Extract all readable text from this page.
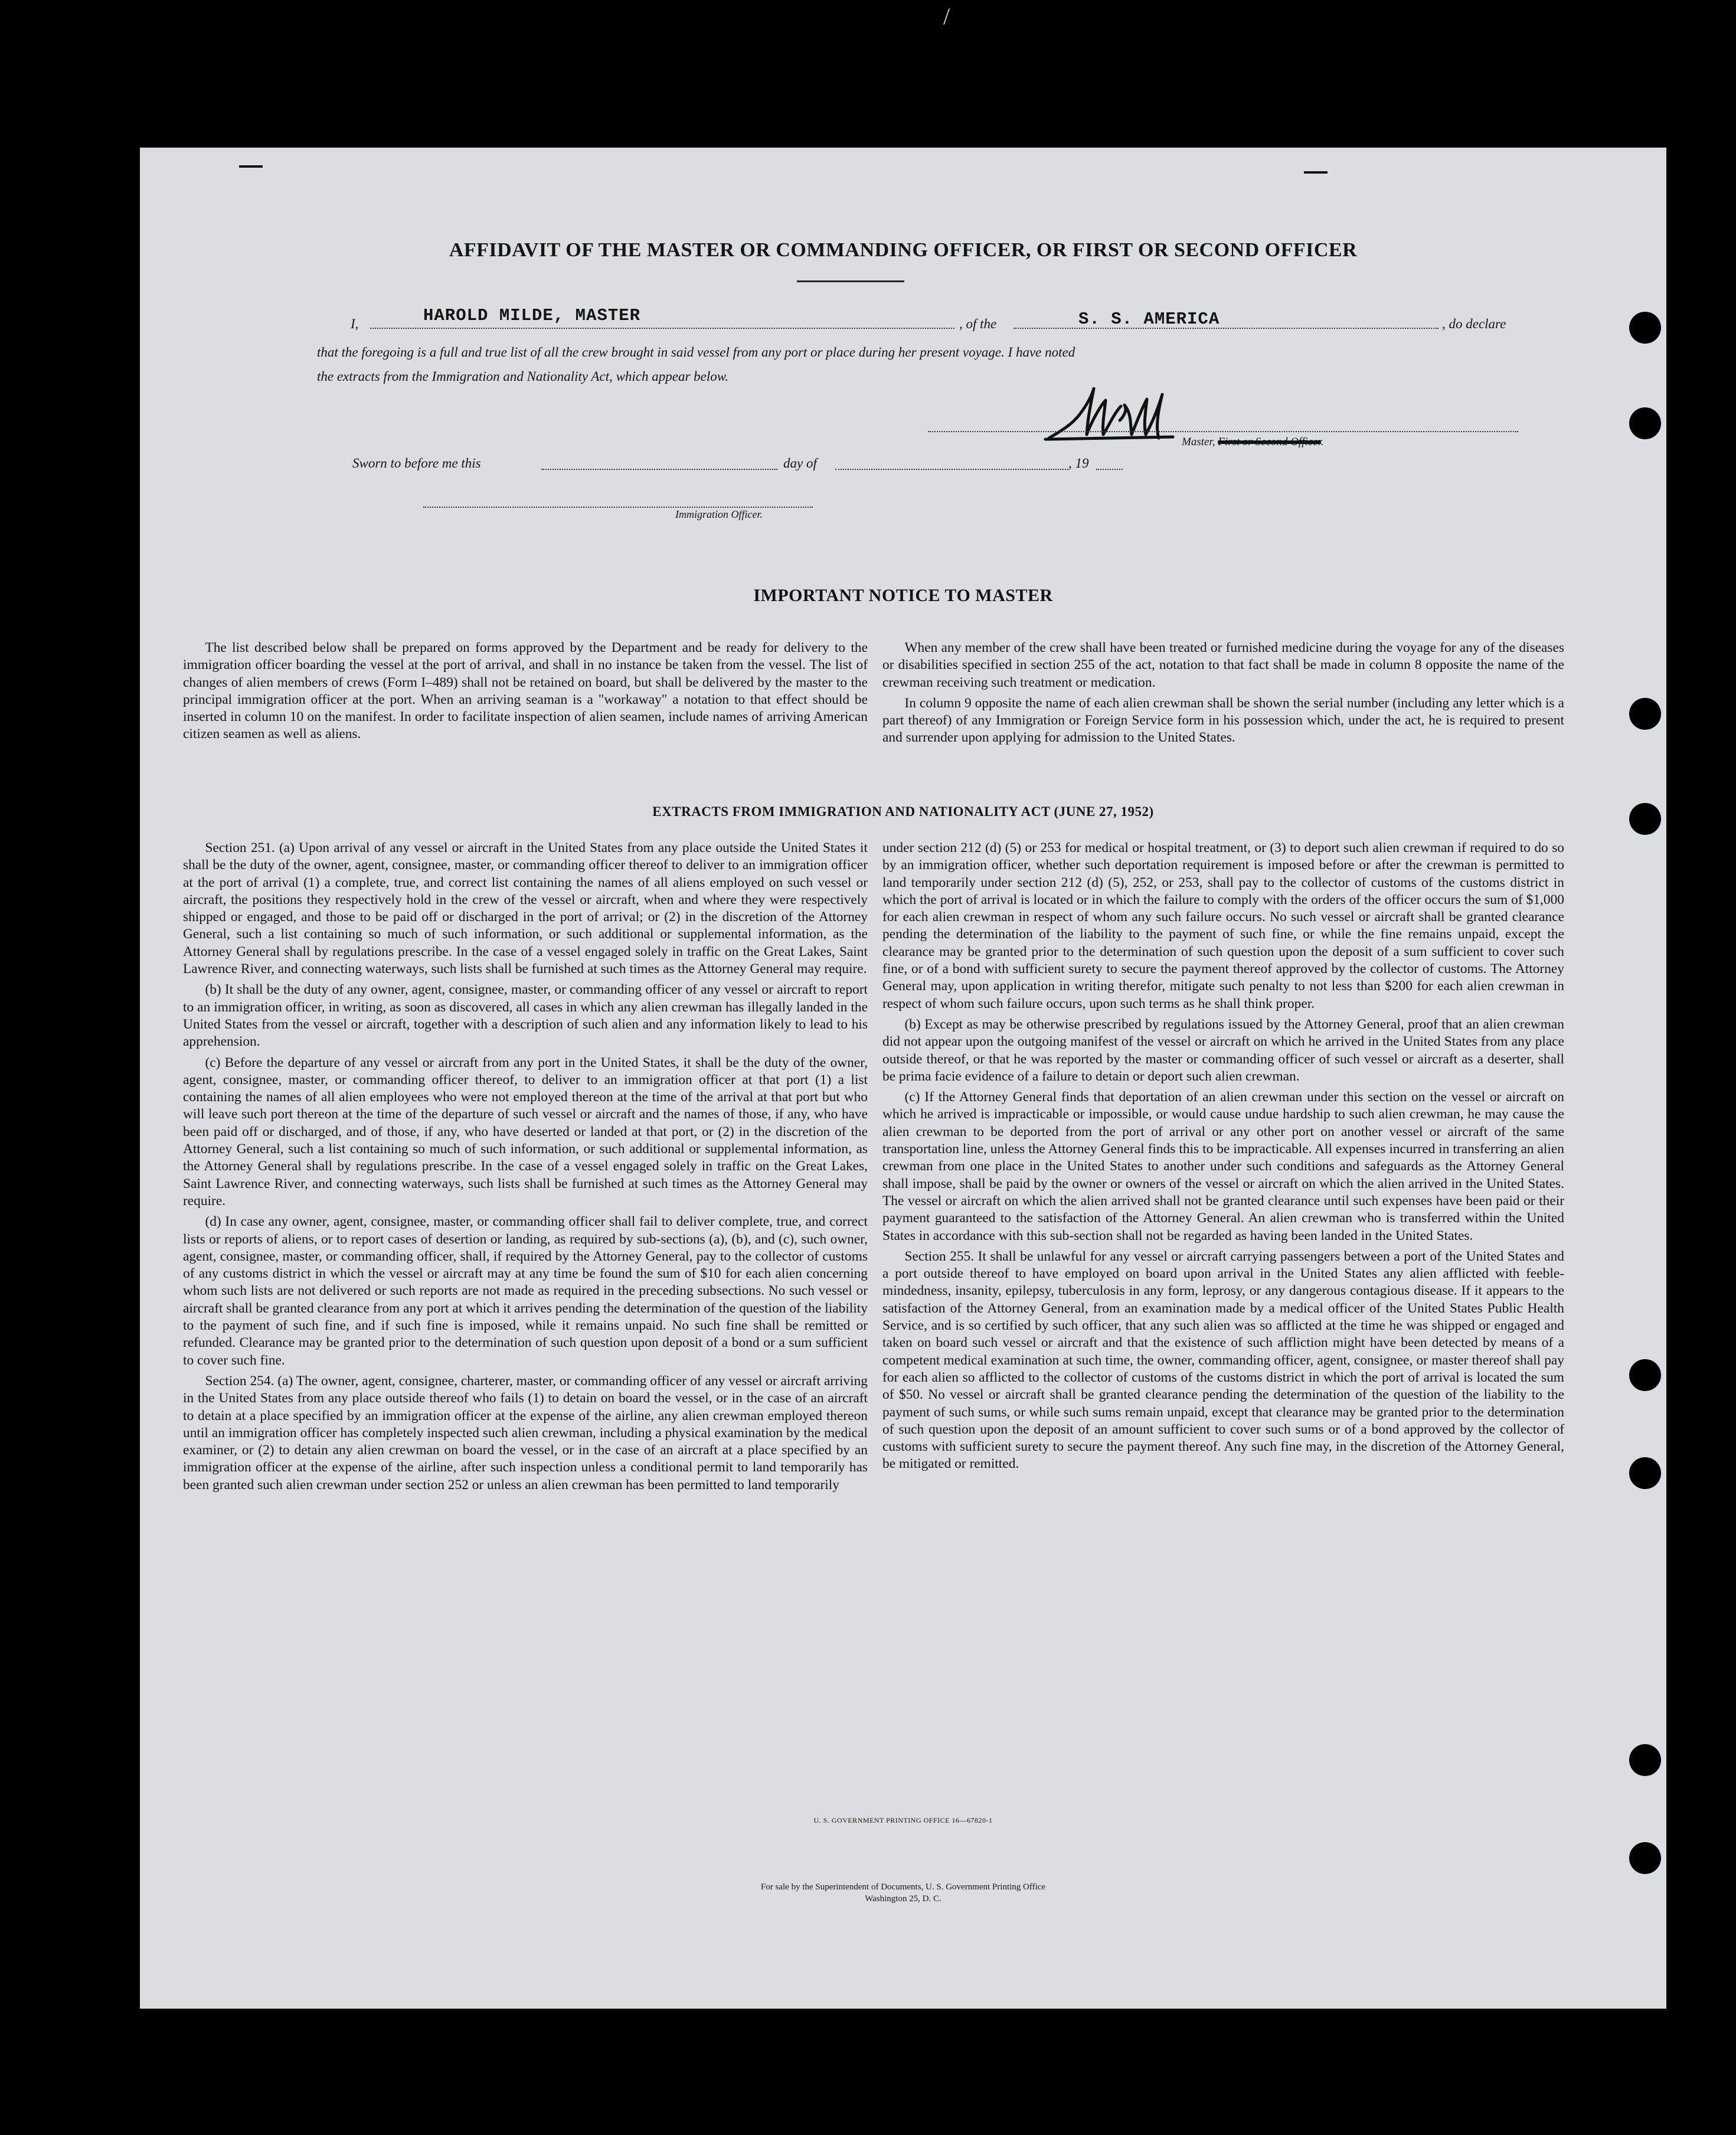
/
AFFIDAVIT OF THE MASTER OR COMMANDING OFFICER, OR FIRST OR SECOND OFFICER
I,	HAROLD MILDE, MASTER	, of the	S. S. AMERICA	, do declare
that the foregoing is a full and true list of all the crew brought in said vessel from any port or place during her present voyage. I have noted
the extracts from the Immigration and Nationality Act, which appear below.
Master, First or Second Officer.
Sworn to before me this	day of	, 19
Immigration Officer.
IMPORTANT NOTICE TO MASTER

The list described below shall be prepared on forms approved by the Department and be ready for delivery to the immigration officer boarding the vessel at the port of arrival, and shall in no instance be taken from the vessel. The list of changes of alien members of crews (Form I–489) shall not be retained on board, but shall be delivered by the master to the principal immigration officer at the port. When an arriving seaman is a "workaway" a notation to that effect should be inserted in column 10 on the manifest. In order to facilitate inspection of alien seamen, include names of arriving American citizen seamen as well as aliens.

When any member of the crew shall have been treated or furnished medicine during the voyage for any of the diseases or disabilities specified in section 255 of the act, notation to that fact shall be made in column 8 opposite the name of the crewman receiving such treatment or medication.

In column 9 opposite the name of each alien crewman shall be shown the serial number (including any letter which is a part thereof) of any Immigration or Foreign Service form in his possession which, under the act, he is required to present and surrender upon applying for admission to the United States.

EXTRACTS FROM IMMIGRATION AND NATIONALITY ACT (JUNE 27, 1952)

Section 251. (a) Upon arrival of any vessel or aircraft in the United States from any place outside the United States it shall be the duty of the owner, agent, consignee, master, or commanding officer thereof to deliver to an immigration officer at the port of arrival (1) a complete, true, and correct list containing the names of all aliens employed on such vessel or aircraft, the positions they respectively hold in the crew of the vessel or aircraft, when and where they were respectively shipped or engaged, and those to be paid off or discharged in the port of arrival; or (2) in the discretion of the Attorney General, such a list containing so much of such information, or such additional or supplemental information, as the Attorney General shall by regulations prescribe. In the case of a vessel engaged solely in traffic on the Great Lakes, Saint Lawrence River, and connecting waterways, such lists shall be furnished at such times as the Attorney General may require.

(b) It shall be the duty of any owner, agent, consignee, master, or commanding officer of any vessel or aircraft to report to an immigration officer, in writing, as soon as discovered, all cases in which any alien crewman has illegally landed in the United States from the vessel or aircraft, together with a description of such alien and any information likely to lead to his apprehension.

(c) Before the departure of any vessel or aircraft from any port in the United States, it shall be the duty of the owner, agent, consignee, master, or commanding officer thereof, to deliver to an immigration officer at that port (1) a list containing the names of all alien employees who were not employed thereon at the time of the arrival at that port but who will leave such port thereon at the time of the departure of such vessel or aircraft and the names of those, if any, who have been paid off or discharged, and of those, if any, who have deserted or landed at that port, or (2) in the discretion of the Attorney General, such a list containing so much of such information, or such additional or supplemental information, as the Attorney General shall by regulations prescribe. In the case of a vessel engaged solely in traffic on the Great Lakes, Saint Lawrence River, and connecting waterways, such lists shall be furnished at such times as the Attorney General may require.

(d) In case any owner, agent, consignee, master, or commanding officer shall fail to deliver complete, true, and correct lists or reports of aliens, or to report cases of desertion or landing, as required by sub-sections (a), (b), and (c), such owner, agent, consignee, master, or commanding officer, shall, if required by the Attorney General, pay to the collector of customs of any customs district in which the vessel or aircraft may at any time be found the sum of $10 for each alien concerning whom such lists are not delivered or such reports are not made as required in the preceding subsections. No such vessel or aircraft shall be granted clearance from any port at which it arrives pending the determination of the question of the liability to the payment of such fine, and if such fine is imposed, while it remains unpaid. No such fine shall be remitted or refunded. Clearance may be granted prior to the determination of such question upon deposit of a bond or a sum sufficient to cover such fine.

Section 254. (a) The owner, agent, consignee, charterer, master, or commanding officer of any vessel or aircraft arriving in the United States from any place outside thereof who fails (1) to detain on board the vessel, or in the case of an aircraft to detain at a place specified by an immigration officer at the expense of the airline, any alien crewman employed thereon until an immigration officer has completely inspected such alien crewman, including a physical examination by the medical examiner, or (2) to detain any alien crewman on board the vessel, or in the case of an aircraft at a place specified by an immigration officer at the expense of the airline, after such inspection unless a conditional permit to land temporarily has been granted such alien crewman under section 252 or unless an alien crewman has been permitted to land temporarily

under section 212 (d) (5) or 253 for medical or hospital treatment, or (3) to deport such alien crewman if required to do so by an immigration officer, whether such deportation requirement is imposed before or after the crewman is permitted to land temporarily under section 212 (d) (5), 252, or 253, shall pay to the collector of customs of the customs district in which the port of arrival is located or in which the failure to comply with the orders of the officer occurs the sum of $1,000 for each alien crewman in respect of whom any such failure occurs. No such vessel or aircraft shall be granted clearance pending the determination of the liability to the payment of such fine, or while the fine remains unpaid, except the clearance may be granted prior to the determination of such question upon the deposit of a sum sufficient to cover such fine, or of a bond with sufficient surety to secure the payment thereof approved by the collector of customs. The Attorney General may, upon application in writing therefor, mitigate such penalty to not less than $200 for each alien crewman in respect of whom such failure occurs, upon such terms as he shall think proper.

(b) Except as may be otherwise prescribed by regulations issued by the Attorney General, proof that an alien crewman did not appear upon the outgoing manifest of the vessel or aircraft on which he arrived in the United States from any place outside thereof, or that he was reported by the master or commanding officer of such vessel or aircraft as a deserter, shall be prima facie evidence of a failure to detain or deport such alien crewman.

(c) If the Attorney General finds that deportation of an alien crewman under this section on the vessel or aircraft on which he arrived is impracticable or impossible, or would cause undue hardship to such alien crewman, he may cause the alien crewman to be deported from the port of arrival or any other port on another vessel or aircraft of the same transportation line, unless the Attorney General finds this to be impracticable. All expenses incurred in transferring an alien crewman from one place in the United States to another under such conditions and safeguards as the Attorney General shall impose, shall be paid by the owner or owners of the vessel or aircraft on which the alien arrived in the United States. The vessel or aircraft on which the alien arrived shall not be granted clearance until such expenses have been paid or their payment guaranteed to the satisfaction of the Attorney General. An alien crewman who is transferred within the United States in accordance with this sub-section shall not be regarded as having been landed in the United States.

Section 255. It shall be unlawful for any vessel or aircraft carrying passengers between a port of the United States and a port outside thereof to have employed on board upon arrival in the United States any alien afflicted with feeble-mindedness, insanity, epilepsy, tuberculosis in any form, leprosy, or any dangerous contagious disease. If it appears to the satisfaction of the Attorney General, from an examination made by a medical officer of the United States Public Health Service, and is so certified by such officer, that any such alien was so afflicted at the time he was shipped or engaged and taken on board such vessel or aircraft and that the existence of such affliction might have been detected by means of a competent medical examination at such time, the owner, commanding officer, agent, consignee, or master thereof shall pay for each alien so afflicted to the collector of customs of the customs district in which the port of arrival is located the sum of $50. No vessel or aircraft shall be granted clearance pending the determination of the question of the liability to the payment of such sums, or while such sums remain unpaid, except that clearance may be granted prior to the determination of such question upon the deposit of an amount sufficient to cover such sums or of a bond approved by the collector of customs with sufficient surety to secure the payment thereof. Any such fine may, in the discretion of the Attorney General, be mitigated or remitted.

U. S. GOVERNMENT PRINTING OFFICE 16—67820-1
For sale by the Superintendent of Documents, U. S. Government Printing Office
Washington 25, D. C.
